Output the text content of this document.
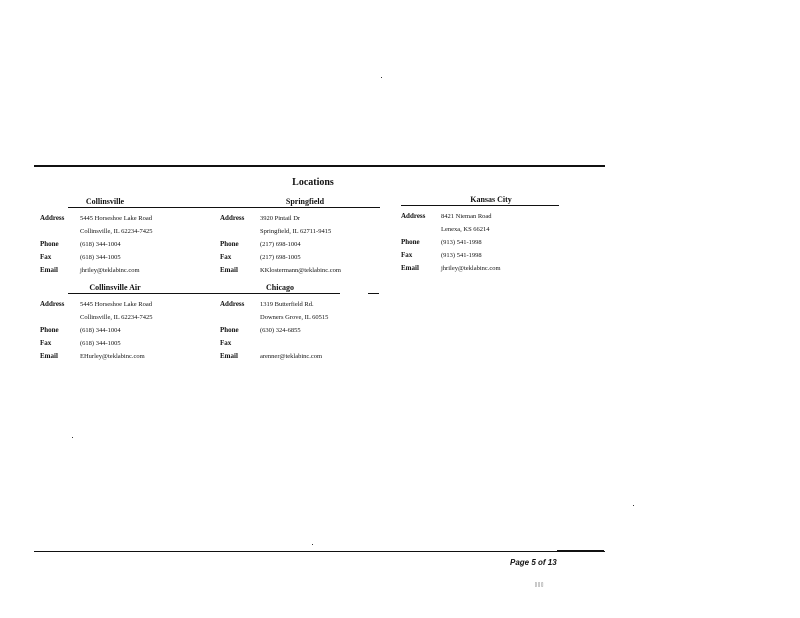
Locations
Collinsville
Address 5445 Horseshoe Lake Road
Collinsville, IL 62234-7425
Phone	(618) 344-1004
Fax	(618) 344-1005
Email	jhriley@teklabinc.com
Springfield
Address 3920 Pintail Dr
Springfield, IL 62711-9415
Phone	(217) 698-1004
Fax	(217) 698-1005
Email	KKlostermann@teklabinc.com
Kansas City
Address 8421 Nieman Road
Lenexa, KS 66214
Phone	(913) 541-1998
Fax	(913) 541-1998
Email	jhriley@teklabinc.com
Collinsville Air
Address 5445 Horseshoe Lake Road
Collinsville, IL 62234-7425
Phone	(618) 344-1004
Fax	(618) 344-1005
Email	EHurley@teklabinc.com
Chicago
Address 1319 Butterfield Rd.
Downers Grove, IL 60515
Phone	(630) 324-6855
Fax
Email	arenner@teklabinc.com
Page 5 of 13
▯▯▯
